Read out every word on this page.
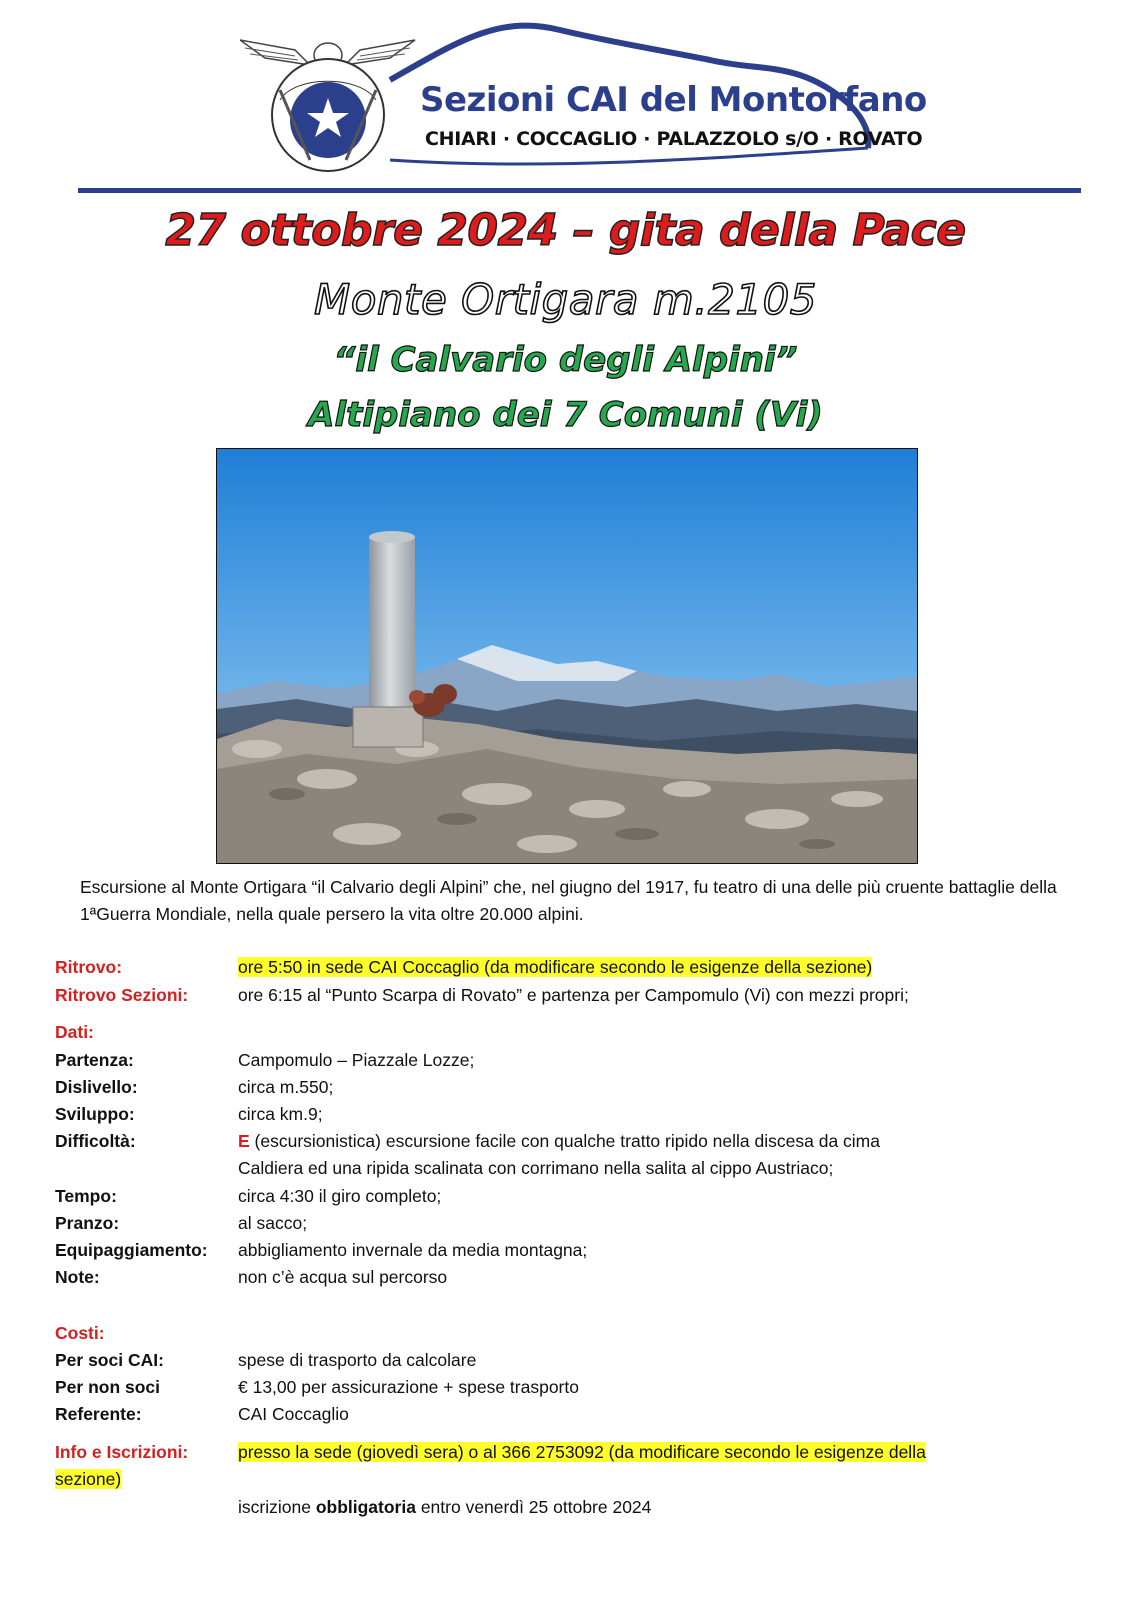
Sezioni CAI del Montorfano
CHIARI · COCCAGLIO · PALAZZOLO s/O · ROVATO
27 ottobre 2024 – gita della Pace
Monte Ortigara m.2105
“il Calvario degli Alpini”
Altipiano dei 7 Comuni (Vi)
Escursione al Monte Ortigara “il Calvario degli Alpini” che, nel giugno del 1917, fu teatro di una delle più cruente battaglie della 1ªGuerra Mondiale, nella quale persero la vita oltre 20.000 alpini.
Ritrovo:	ore 5:50 in sede CAI Coccaglio (da modificare secondo le esigenze della sezione)
Ritrovo Sezioni:	ore 6:15 al “Punto Scarpa di Rovato” e partenza per Campomulo (Vi) con mezzi propri;
Dati:
Partenza:	Campomulo – Piazzale Lozze;
Dislivello:	circa m.550;
Sviluppo:	circa km.9;
Difficoltà:	E (escursionistica) escursione facile con qualche tratto ripido nella discesa da cima
Caldiera ed una ripida scalinata con corrimano nella salita al cippo Austriaco;
Tempo:	circa 4:30 il giro completo;
Pranzo:	al sacco;
Equipaggiamento: abbigliamento invernale da media montagna;
Note:	non c’è acqua sul percorso
Costi:
Per soci CAI:	spese di trasporto da calcolare
Per non soci	€ 13,00 per assicurazione + spese trasporto
Referente:	CAI Coccaglio
Info e Iscrizioni:	presso la sede (giovedì sera) o al 366 2753092 (da modificare secondo le esigenze della
sezione)
iscrizione obbligatoria entro venerdì 25 ottobre 2024
